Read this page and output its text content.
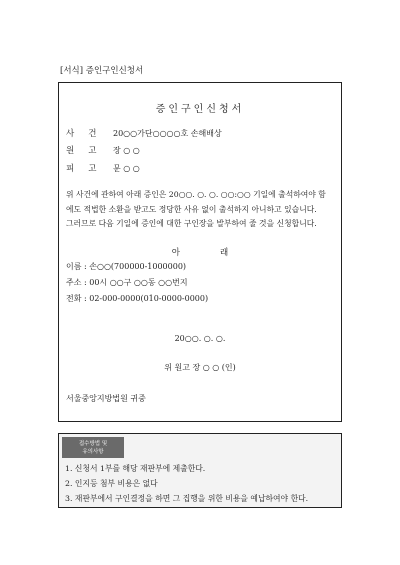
[서식] 증인구인신청서
증인구인신청서
사건 20○○가단○○○○호 손해배상
원고 장 ○ ○
피고 문 ○ ○
위 사건에 관하여 아래 증인은 20○○. ○. ○. ○○:○○ 기일에 출석하여야 함
에도 적법한 소환을 받고도 정당한 사유 없이 출석하지 아니하고 있습니다.
그러므로 다음 기일에 증인에 대한 구인장을 발부하여 줄 것을 신청합니다.
아래
이름 : 손○○(700000-1000000)
주소 : 00시 ○○구 ○○동 ○○번지
전화 : 02-000-0000(010-0000-0000)
20○○. ○. ○.
위 원고 장 ○ ○ (인)
서울중앙지방법원 귀중
접수방법 및
유의사항
1. 신청서 1부를 해당 재판부에 제출한다.
2. 인지등 첨부 비용은 없다
3. 재판부에서 구인결정을 하면 그 집행을 위한 비용을 예납하여야 한다.
